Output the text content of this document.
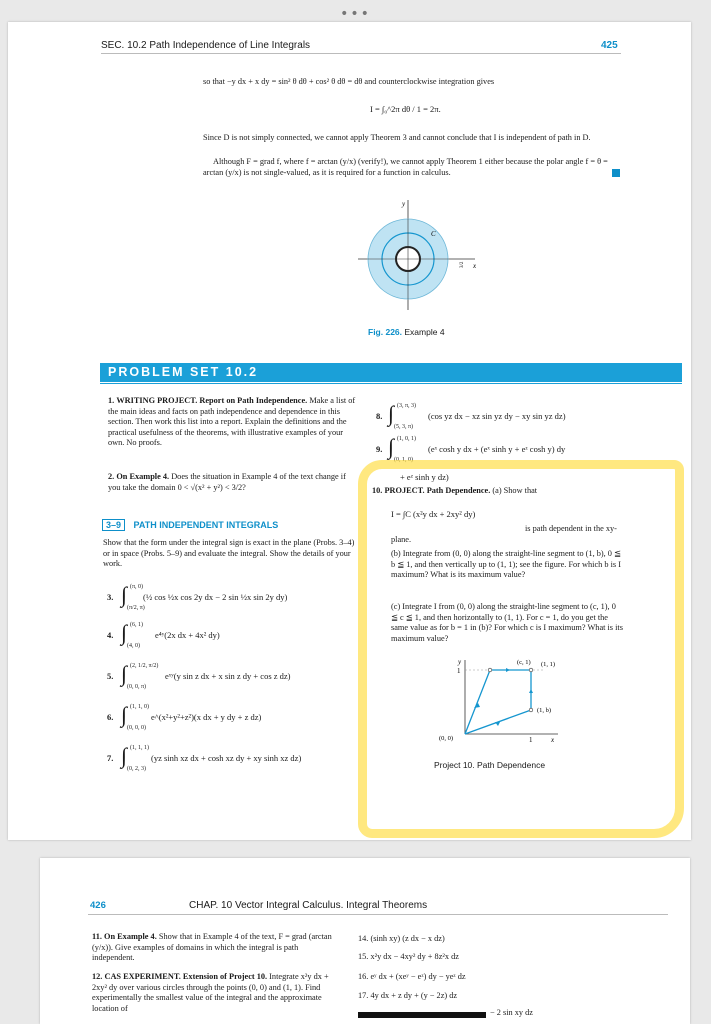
•••
SEC. 10.2 Path Independence of Line Integrals	425
so that −y dx + x dy = sin² θ dθ + cos² θ dθ = dθ and counterclockwise integration gives
I = ∫₀^2π dθ / 1 = 2π.
Since D is not simply connected, we cannot apply Theorem 3 and cannot conclude that I is independent of path in D.
Although F = grad f, where f = arctan (y/x) (verify!), we cannot apply Theorem 1 either because the polar angle f = θ = arctan (y/x) is not single-valued, as it is required for a function in calculus.
y
x
C
3/2
Fig. 226. Example 4
PROBLEM SET 10.2
1. WRITING PROJECT. Report on Path Independence. Make a list of the main ideas and facts on path independence and dependence in this section. Then work this list into a report. Explain the definitions and the practical usefulness of the theorems, with illustrative examples of your own. No proofs.
2. On Example 4. Does the situation in Example 4 of the text change if you take the domain 0 < √(x² + y²) < 3/2?
3–9 PATH INDEPENDENT INTEGRALS
Show that the form under the integral sign is exact in the plane (Probs. 3–4) or in space (Probs. 5–9) and evaluate the integral. Show the details of your work.
3. ∫ (π, 0)
(π/2, π)
(½ cos ½x cos 2y dx − 2 sin ½x sin 2y dy)
4. ∫ (6, 1)
(4, 0)
e⁴ʸ(2x dx + 4x² dy)
5. ∫ (2, 1/2, π/2)
(0, 0, π)
eˣʸ(y sin z dx + x sin z dy + cos z dz)
6. ∫ (1, 1, 0)
(0, 0, 0)
e^(x²+y²+z²)(x dx + y dy + z dz)
7. ∫ (1, 1, 1)
(0, 2, 3)
(yz sinh xz dx + cosh xz dy + xy sinh xz dz)
8. ∫ (3, π, 3)
(5, 3, π)
(cos yz dx − xz sin yz dy − xy sin yz dz)
9. ∫ (1, 0, 1)
(0, 1, 0)
(eˣ cosh y dx + (eˣ sinh y + eᶻ cosh y) dy
+ eᶻ sinh y dz)
10. PROJECT. Path Dependence. (a) Show that
I = ∫C (x²y dx + 2xy² dy)
is path dependent in the xy-plane.
(b) Integrate from (0, 0) along the straight-line segment to (1, b), 0 ≦ b ≦ 1, and then vertically up to (1, 1); see the figure. For which b is I maximum? What is its maximum value?
(c) Integrate I from (0, 0) along the straight-line segment to (c, 1), 0 ≦ c ≦ 1, and then horizontally to (1, 1). For c = 1, do you get the same value as for b = 1 in (b)? For which c is I maximum? What is its maximum value?
y
1
(c, 1) (1, 1)
(1, b)
(0, 0)	1	x
Project 10. Path Dependence
426	CHAP. 10 Vector Integral Calculus. Integral Theorems
11. On Example 4. Show that in Example 4 of the text, F = grad (arctan (y/x)). Give examples of domains in which the integral is path independent.
12. CAS EXPERIMENT. Extension of Project 10. Integrate x²y dx + 2xy² dy over various circles through the points (0, 0) and (1, 1). Find experimentally the smallest value of the integral and the approximate location of
14. (sinh xy) (z dx − x dz)
15. x²y dx − 4xy² dy + 8z²x dz
16. eʸ dx + (xeʸ − eᶻ) dy − yeᶻ dz
17. 4y dx + z dy + (y − 2z) dz
− 2 sin xy dz
